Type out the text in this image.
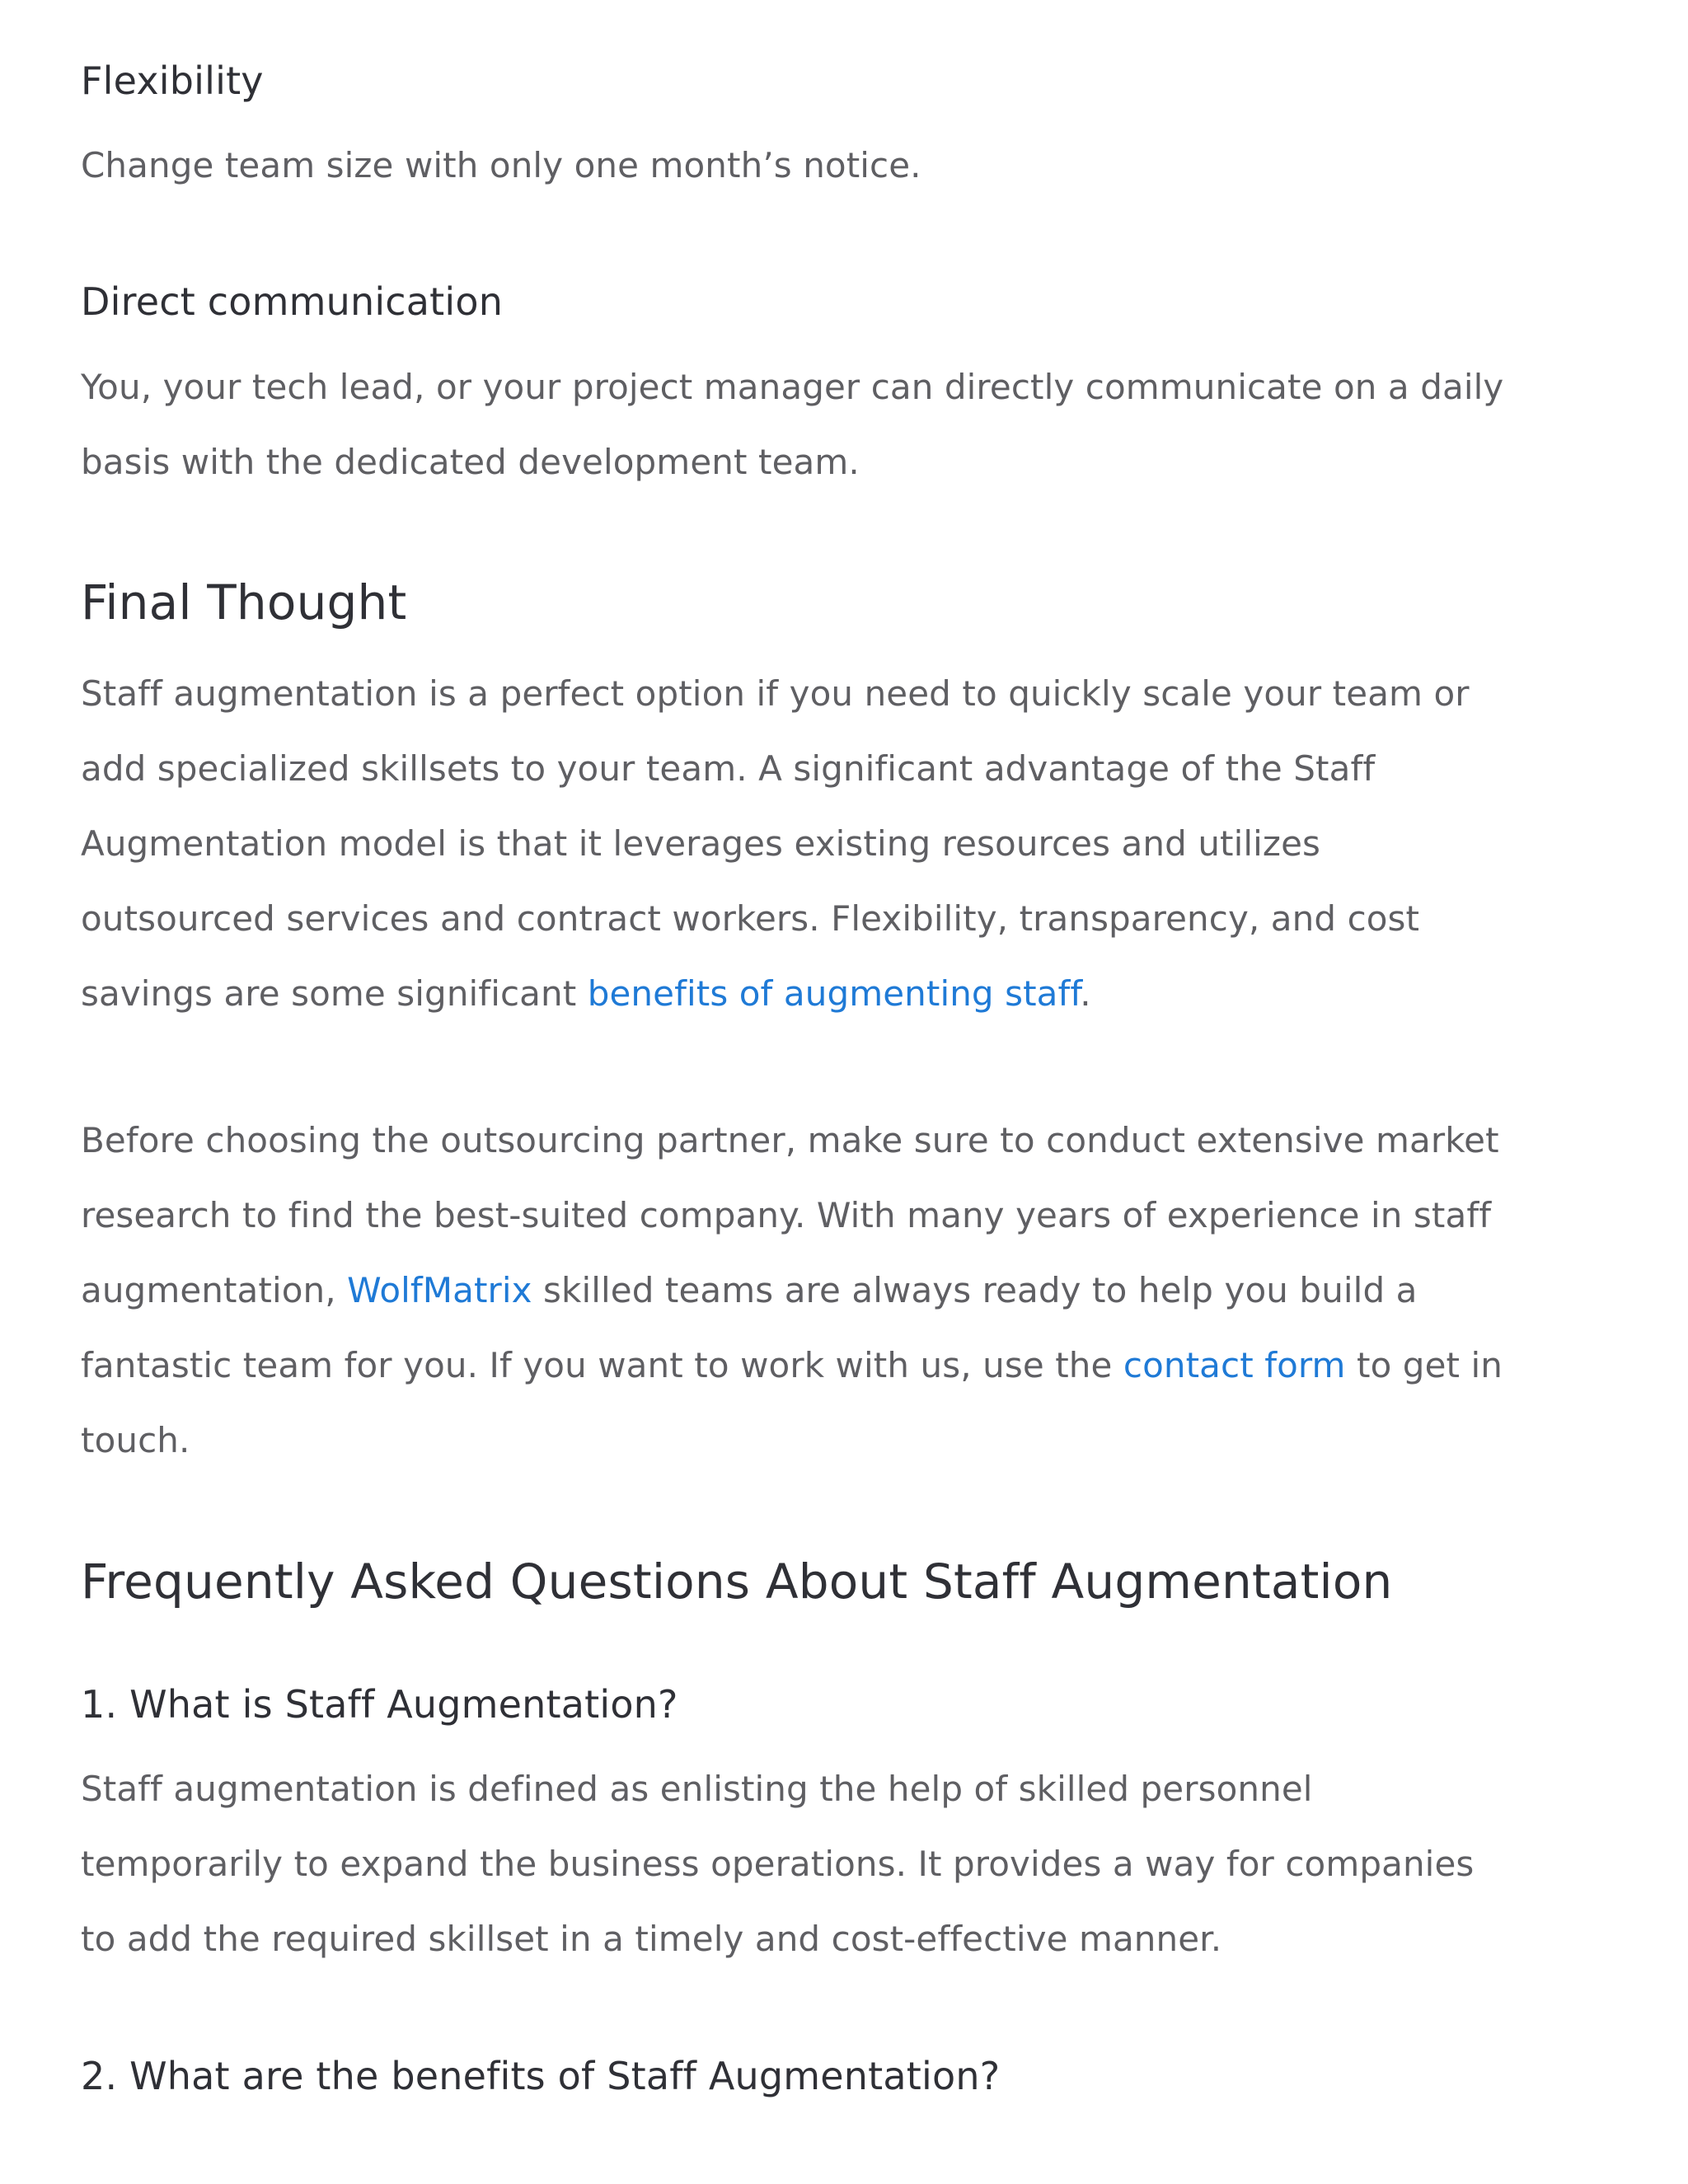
Flexibility

Change team size with only one month’s notice.

Direct communication

You, your tech lead, or your project manager can directly communicate on a daily

basis with the dedicated development team.

Final Thought

Staff augmentation is a perfect option if you need to quickly scale your team or

add specialized skillsets to your team. A significant advantage of the Staff

Augmentation model is that it leverages existing resources and utilizes

outsourced services and contract workers. Flexibility, transparency, and cost

savings are some significant benefits of augmenting staff.

Before choosing the outsourcing partner, make sure to conduct extensive market

research to find the best-suited company. With many years of experience in staff

augmentation, WolfMatrix skilled teams are always ready to help you build a

fantastic team for you. If you want to work with us, use the contact form to get in

touch.

Frequently Asked Questions About Staff Augmentation
1. What is Staff Augmentation?

Staff augmentation is defined as enlisting the help of skilled personnel

temporarily to expand the business operations. It provides a way for companies

to add the required skillset in a timely and cost-effective manner.

2. What are the benefits of Staff Augmentation?
